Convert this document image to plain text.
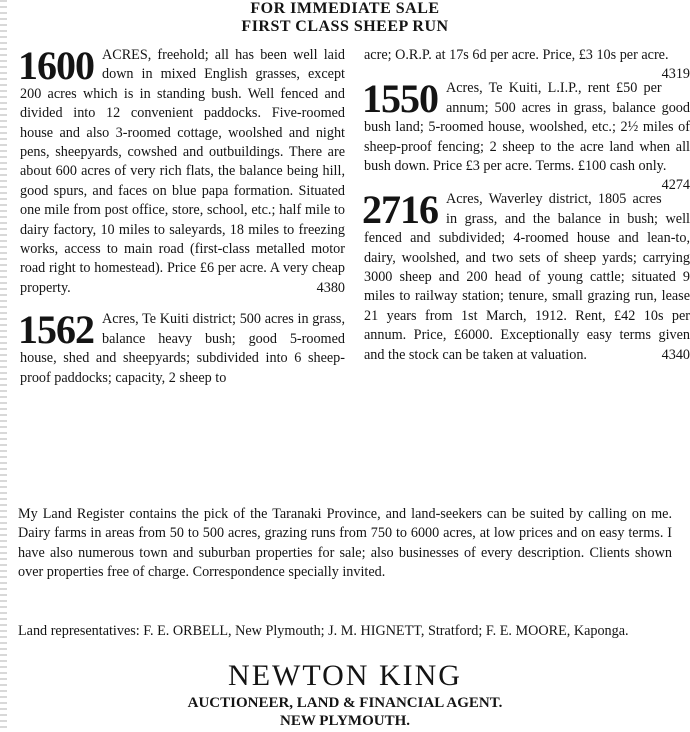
FOR IMMEDIATE SALE
FIRST CLASS SHEEP RUN
1600 ACRES, freehold; all has been well laid down in mixed English grasses, except 200 acres which is in standing bush. Well fenced and divided into 12 convenient paddocks. Five-roomed house and also 3-roomed cottage, woolshed and night pens, sheepyards, cowshed and outbuildings. There are about 600 acres of very rich flats, the balance being hill, good spurs, and faces on blue papa formation. Situated one mile from post office, store, school, etc.; half mile to dairy factory, 10 miles to saleyards, 18 miles to freezing works, access to main road (first-class metalled motor road right to homestead). Price £6 per acre. A very cheap property.	4380
1562 Acres, Te Kuiti district; 500 acres in grass, balance heavy bush; good 5-roomed house, shed and sheepyards; subdivided into 6 sheep-proof paddocks; capacity, 2 sheep to
acre; O.R.P. at 17s 6d per acre. Price, £3 10s per acre.
4319
1550 Acres, Te Kuiti, L.I.P., rent £50 per annum; 500 acres in grass, balance good bush land; 5-roomed house, woolshed, etc.; 2½ miles of sheep-proof fencing; 2 sheep to the acre land when all bush down. Price £3 per acre. Terms. £100 cash only.
4274
2716 Acres, Waverley district, 1805 acres in grass, and the balance in bush; well fenced and subdivided; 4-roomed house and lean-to, dairy, woolshed, and two sets of sheep yards; carrying 3000 sheep and 200 head of young cattle; situated 9 miles to railway station; tenure, small grazing run, lease 21 years from 1st March, 1912. Rent, £42 10s per annum. Price, £6000. Exceptionally easy terms given and the stock can be taken at valuation.	4340
My Land Register contains the pick of the Taranaki Province, and land-seekers can be suited by calling on me. Dairy farms in areas from 50 to 500 acres, grazing runs from 750 to 6000 acres, at low prices and on easy terms. I have also numerous town and suburban properties for sale; also businesses of every description. Clients shown over properties free of charge. Correspondence specially invited.
Land representatives: F. E. ORBELL, New Plymouth; J. M. HIGNETT, Stratford; F. E. MOORE, Kaponga.
NEWTON KING
AUCTIONEER, LAND & FINANCIAL AGENT.
NEW PLYMOUTH.
